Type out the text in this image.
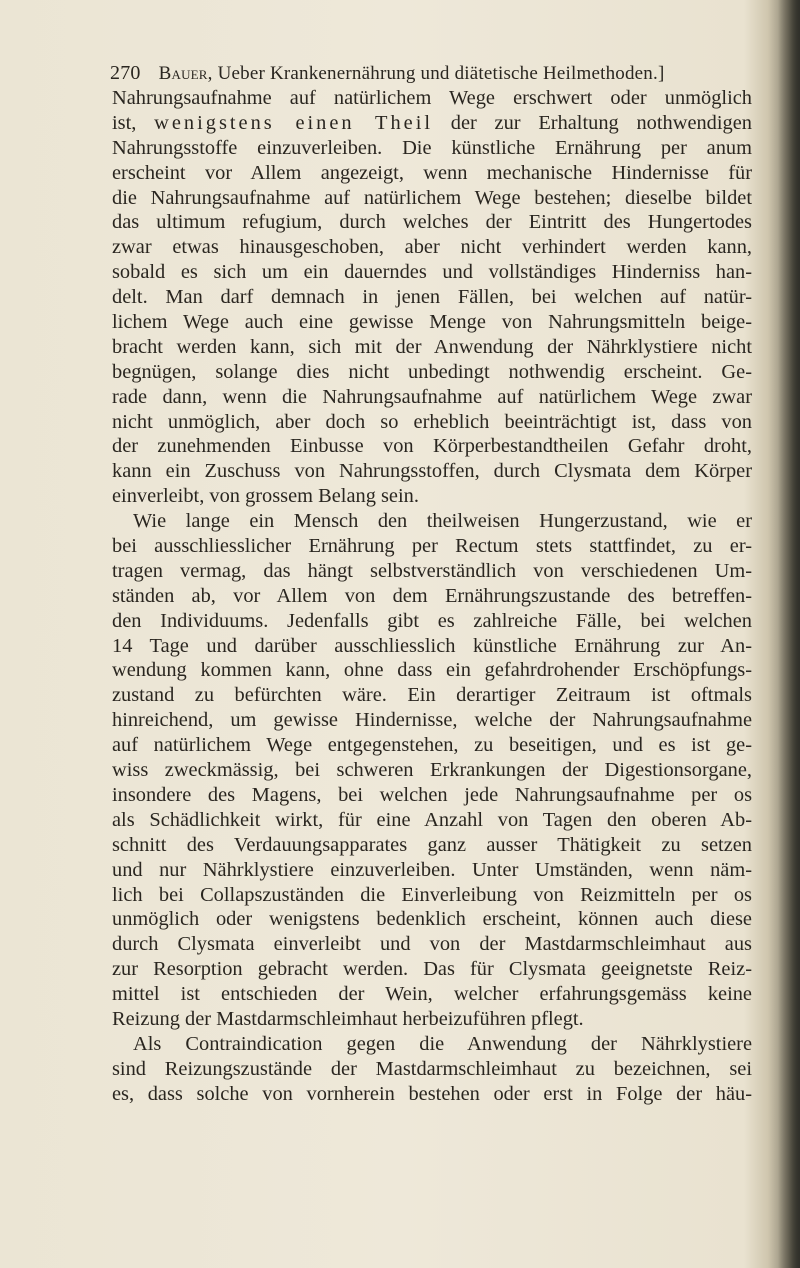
270 Bauer, Ueber Krankenernährung und diätetische Heilmethoden.]
Nahrungsaufnahme auf natürlichem Wege erschwert oder unmöglich
ist, wenigstens einen Theil der zur Erhaltung nothwendigen
Nahrungsstoffe einzuverleiben. Die künstliche Ernährung per anum
erscheint vor Allem angezeigt, wenn mechanische Hindernisse für
die Nahrungsaufnahme auf natürlichem Wege bestehen; dieselbe bildet
das ultimum refugium, durch welches der Eintritt des Hungertodes
zwar etwas hinausgeschoben, aber nicht verhindert werden kann,
sobald es sich um ein dauerndes und vollständiges Hinderniss han-
delt. Man darf demnach in jenen Fällen, bei welchen auf natür-
lichem Wege auch eine gewisse Menge von Nahrungsmitteln beige-
bracht werden kann, sich mit der Anwendung der Nährklystiere nicht
begnügen, solange dies nicht unbedingt nothwendig erscheint. Ge-
rade dann, wenn die Nahrungsaufnahme auf natürlichem Wege zwar
nicht unmöglich, aber doch so erheblich beeinträchtigt ist, dass von
der zunehmenden Einbusse von Körperbestandtheilen Gefahr droht,
kann ein Zuschuss von Nahrungsstoffen, durch Clysmata dem Körper
einverleibt, von grossem Belang sein.
Wie lange ein Mensch den theilweisen Hungerzustand, wie er
bei ausschliesslicher Ernährung per Rectum stets stattfindet, zu er-
tragen vermag, das hängt selbstverständlich von verschiedenen Um-
ständen ab, vor Allem von dem Ernährungszustande des betreffen-
den Individuums. Jedenfalls gibt es zahlreiche Fälle, bei welchen
14 Tage und darüber ausschliesslich künstliche Ernährung zur An-
wendung kommen kann, ohne dass ein gefahrdrohender Erschöpfungs-
zustand zu befürchten wäre. Ein derartiger Zeitraum ist oftmals
hinreichend, um gewisse Hindernisse, welche der Nahrungsaufnahme
auf natürlichem Wege entgegenstehen, zu beseitigen, und es ist ge-
wiss zweckmässig, bei schweren Erkrankungen der Digestionsorgane,
insondere des Magens, bei welchen jede Nahrungsaufnahme per os
als Schädlichkeit wirkt, für eine Anzahl von Tagen den oberen Ab-
schnitt des Verdauungsapparates ganz ausser Thätigkeit zu setzen
und nur Nährklystiere einzuverleiben. Unter Umständen, wenn näm-
lich bei Collapszuständen die Einverleibung von Reizmitteln per os
unmöglich oder wenigstens bedenklich erscheint, können auch diese
durch Clysmata einverleibt und von der Mastdarmschleimhaut aus
zur Resorption gebracht werden. Das für Clysmata geeignetste Reiz-
mittel ist entschieden der Wein, welcher erfahrungsgemäss keine
Reizung der Mastdarmschleimhaut herbeizuführen pflegt.
Als Contraindication gegen die Anwendung der Nährklystiere
sind Reizungszustände der Mastdarmschleimhaut zu bezeichnen, sei
es, dass solche von vornherein bestehen oder erst in Folge der häu-
